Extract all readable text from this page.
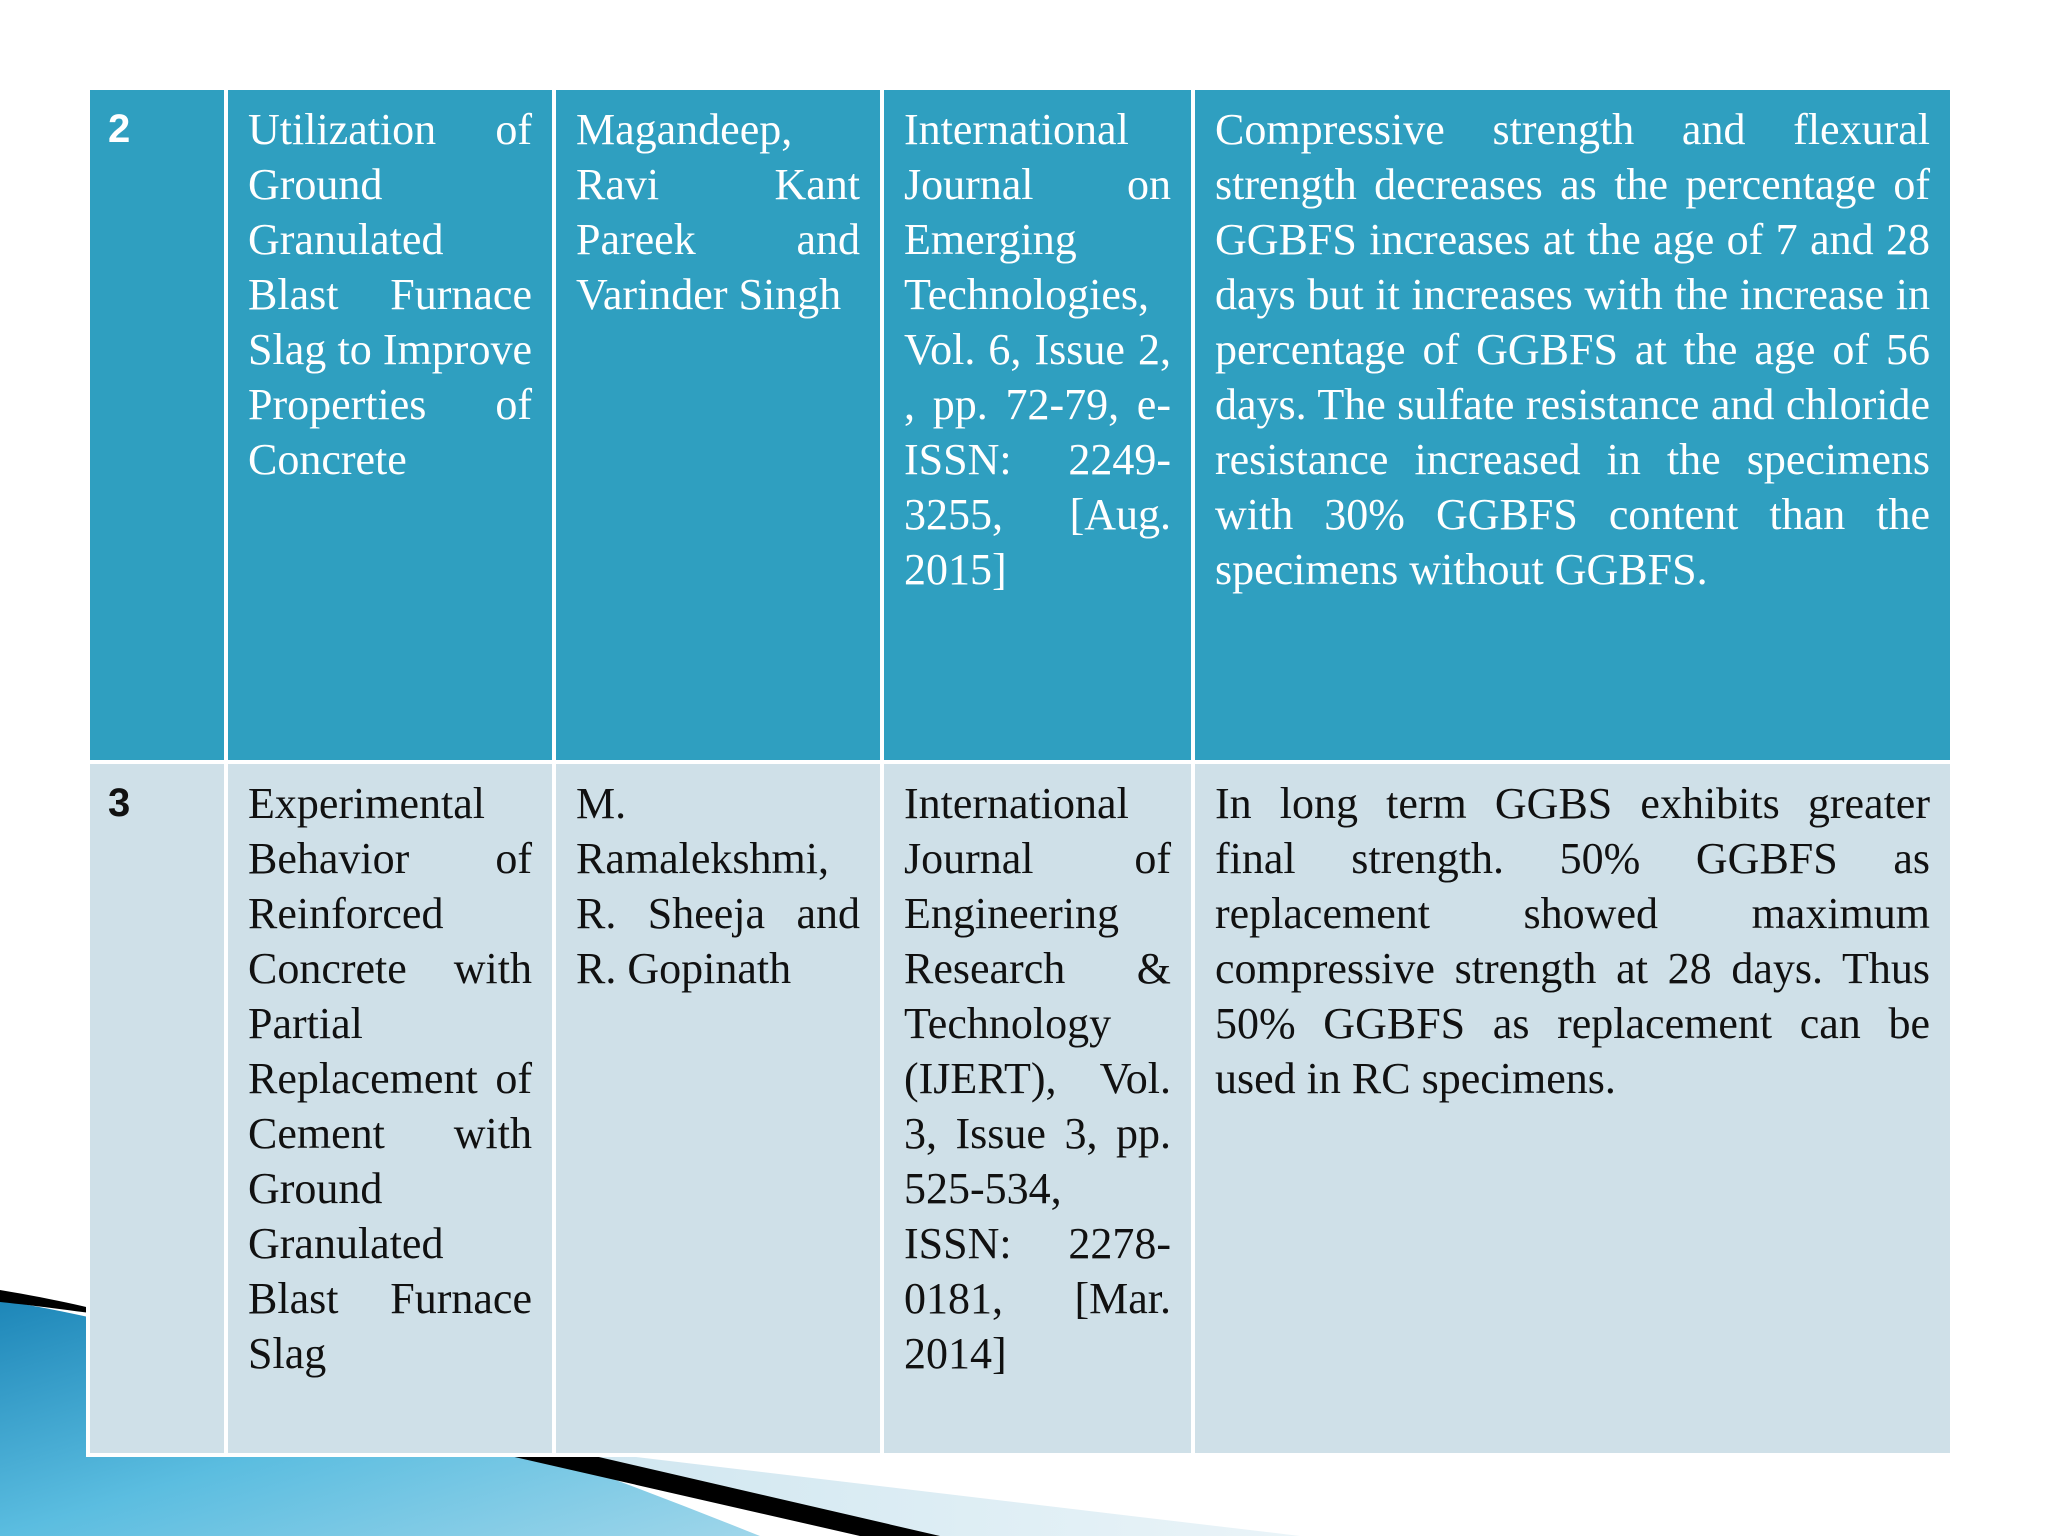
2	Utilization of Ground Granulated Blast Furnace Slag to Improve Properties of Concrete	Magandeep, Ravi Kant Pareek and Varinder Singh	International Journal on Emerging Technologies, Vol. 6, Issue 2, , pp. 72-79, e-ISSN: 2249-3255, [Aug. 2015]	Compressive strength and flexural strength decreases as the percentage of GGBFS increases at the age of 7 and 28 days but it increases with the increase in percentage of GGBFS at the age of 56 days. The sulfate resistance and chloride resistance increased in the specimens with 30% GGBFS content than the specimens without GGBFS.
3	Experimental Behavior of Reinforced Concrete with Partial Replacement of Cement with Ground Granulated Blast Furnace Slag	M. Ramalekshmi, R. Sheeja and R. Gopinath	International Journal of Engineering Research & Technology (IJERT), Vol. 3, Issue 3, pp. 525-534, ISSN: 2278-0181, [Mar. 2014]	In long term GGBS exhibits greater final strength. 50% GGBFS as replacement showed maximum compressive strength at 28 days. Thus 50% GGBFS as replacement can be used in RC specimens.
